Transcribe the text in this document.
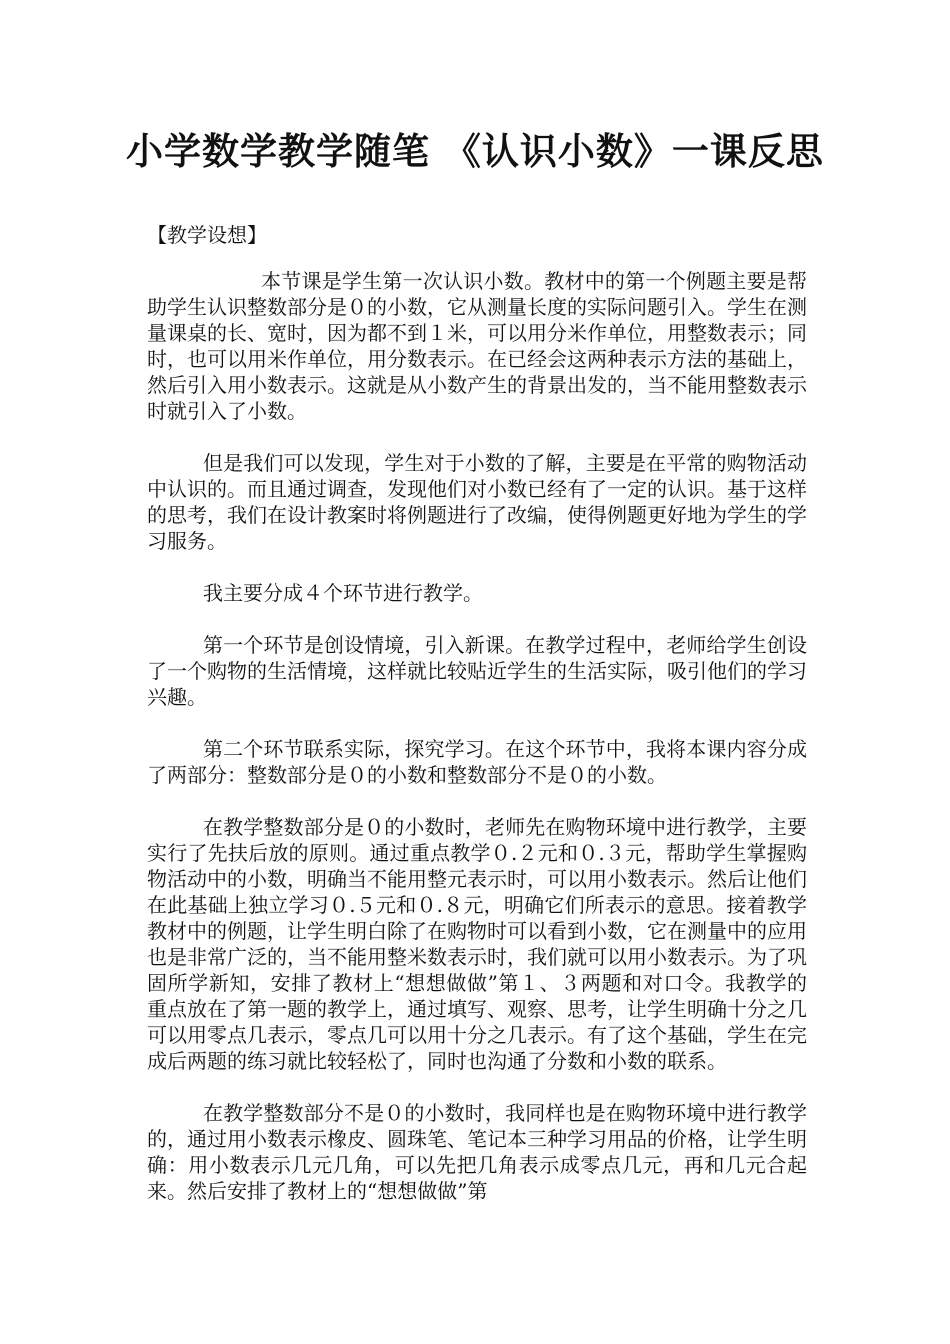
小学数学教学随笔 《认识小数》一课反思
【教学设想】

本节课是学生第一次认识小数。教材中的第一个例题主要是帮助学生认识整数部分是０的小数，它从测量长度的实际问题引入。学生在测量课桌的长、宽时，因为都不到１米，可以用分米作单位，用整数表示；同时，也可以用米作单位，用分数表示。在已经会这两种表示方法的基础上，然后引入用小数表示。这就是从小数产生的背景出发的，当不能用整数表示时就引入了小数。

但是我们可以发现，学生对于小数的了解，主要是在平常的购物活动中认识的。而且通过调查，发现他们对小数已经有了一定的认识。基于这样的思考，我们在设计教案时将例题进行了改编，使得例题更好地为学生的学习服务。

我主要分成４个环节进行教学。

第一个环节是创设情境，引入新课。在教学过程中，老师给学生创设了一个购物的生活情境，这样就比较贴近学生的生活实际，吸引他们的学习兴趣。

第二个环节联系实际，探究学习。在这个环节中，我将本课内容分成了两部分：整数部分是０的小数和整数部分不是０的小数。

在教学整数部分是０的小数时，老师先在购物环境中进行教学，主要实行了先扶后放的原则。通过重点教学０.２元和０.３元，帮助学生掌握购物活动中的小数，明确当不能用整元表示时，可以用小数表示。然后让他们在此基础上独立学习０.５元和０.８元，明确它们所表示的意思。接着教学教材中的例题，让学生明白除了在购物时可以看到小数，它在测量中的应用也是非常广泛的，当不能用整米数表示时，我们就可以用小数表示。为了巩固所学新知，安排了教材上“想想做做”第１、３两题和对口令。我教学的重点放在了第一题的教学上，通过填写、观察、思考，让学生明确十分之几可以用零点几表示，零点几可以用十分之几表示。有了这个基础，学生在完成后两题的练习就比较轻松了，同时也沟通了分数和小数的联系。

在教学整数部分不是０的小数时，我同样也是在购物环境中进行教学的，通过用小数表示橡皮、圆珠笔、笔记本三种学习用品的价格，让学生明确：用小数表示几元几角，可以先把几角表示成零点几元，再和几元合起来。然后安排了教材上的“想想做做”第
